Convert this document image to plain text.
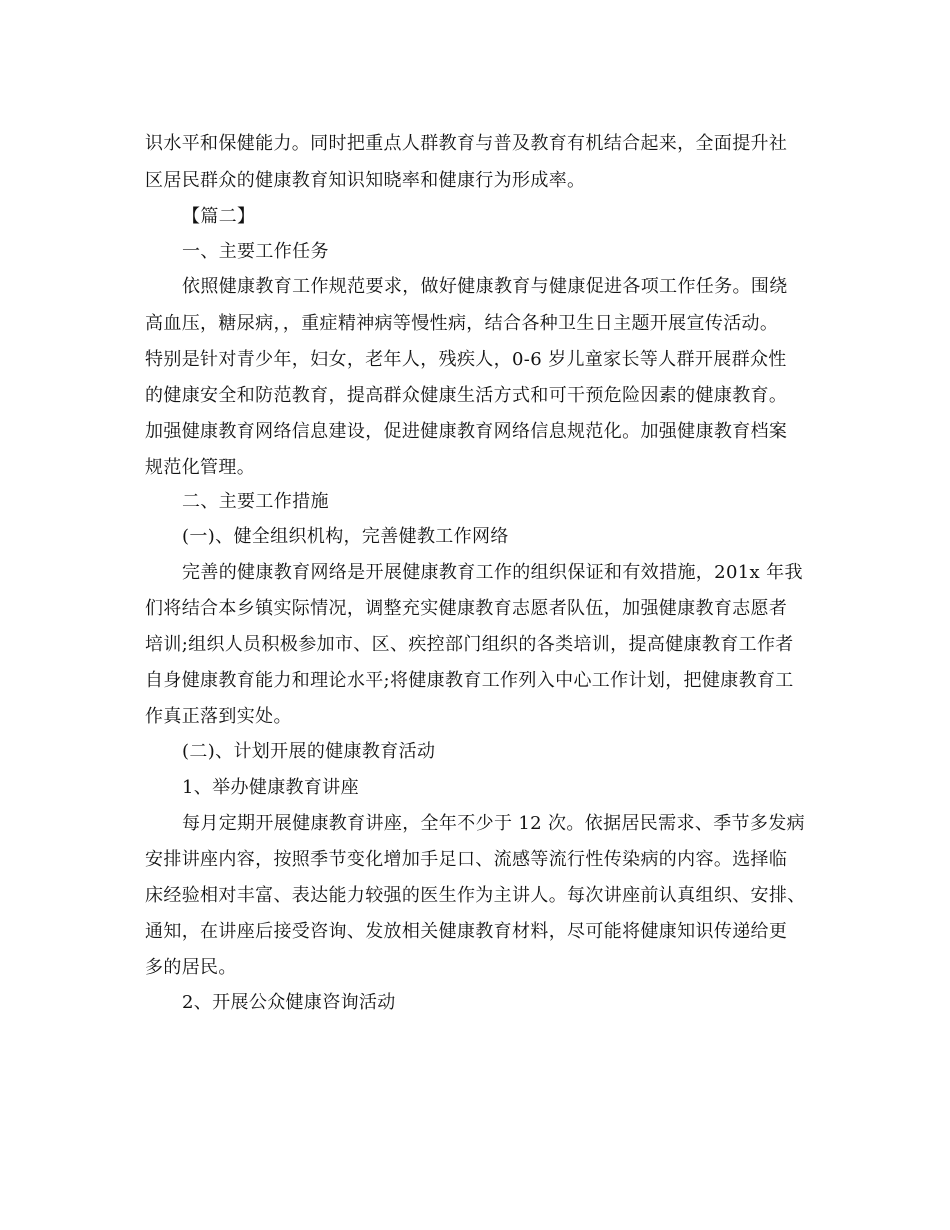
识水平和保健能力。同时把重点人群教育与普及教育有机结合起来，全面提升社
区居民群众的健康教育知识知晓率和健康行为形成率。
【篇二】
一、主要工作任务
依照健康教育工作规范要求，做好健康教育与健康促进各项工作任务。围绕
高血压，糖尿病，，重症精神病等慢性病，结合各种卫生日主题开展宣传活动。
特别是针对青少年，妇女，老年人，残疾人，0-6 岁儿童家长等人群开展群众性
的健康安全和防范教育，提高群众健康生活方式和可干预危险因素的健康教育。
加强健康教育网络信息建设，促进健康教育网络信息规范化。加强健康教育档案
规范化管理。
二、主要工作措施
(一)、健全组织机构，完善健教工作网络
完善的健康教育网络是开展健康教育工作的组织保证和有效措施，201x 年我
们将结合本乡镇实际情况，调整充实健康教育志愿者队伍，加强健康教育志愿者
培训;组织人员积极参加市、区、疾控部门组织的各类培训，提高健康教育工作者
自身健康教育能力和理论水平;将健康教育工作列入中心工作计划，把健康教育工
作真正落到实处。
(二)、计划开展的健康教育活动
1、举办健康教育讲座
每月定期开展健康教育讲座，全年不少于 12 次。依据居民需求、季节多发病
安排讲座内容，按照季节变化增加手足口、流感等流行性传染病的内容。选择临
床经验相对丰富、表达能力较强的医生作为主讲人。每次讲座前认真组织、安排、
通知，在讲座后接受咨询、发放相关健康教育材料，尽可能将健康知识传递给更
多的居民。
2、开展公众健康咨询活动
